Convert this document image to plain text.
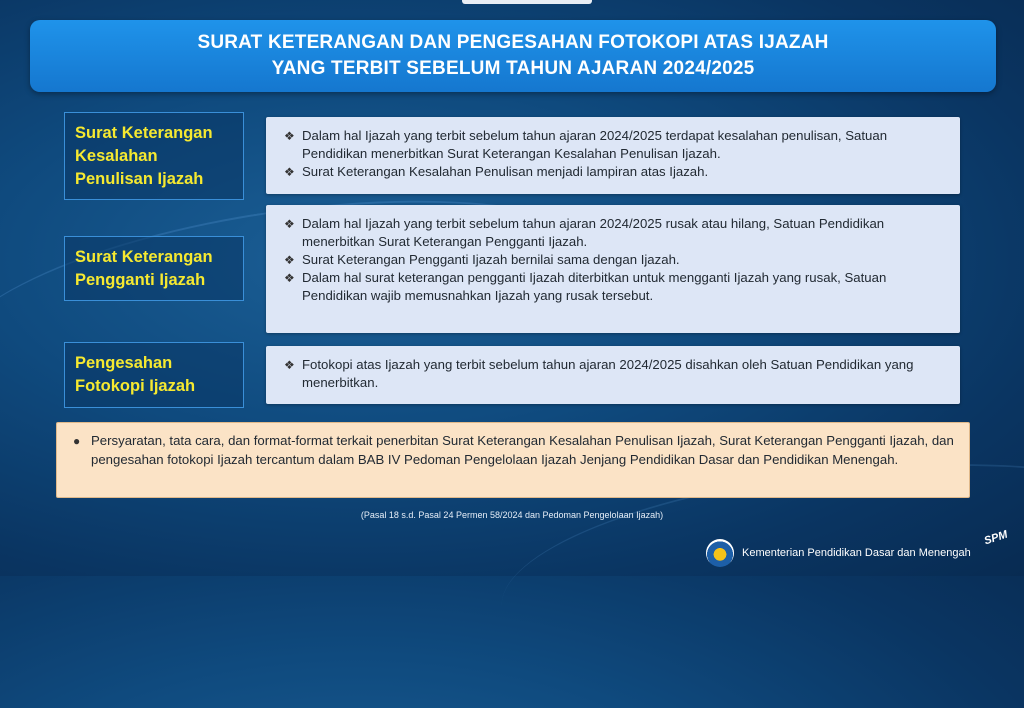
SURAT KETERANGAN DAN PENGESAHAN FOTOKOPI ATAS IJAZAH
YANG TERBIT SEBELUM TAHUN AJARAN 2024/2025
Surat Keterangan
Kesalahan
Penulisan Ijazah
❖ Dalam hal Ijazah yang terbit sebelum tahun ajaran 2024/2025 terdapat kesalahan penulisan, Satuan Pendidikan menerbitkan Surat Keterangan Kesalahan Penulisan Ijazah.
❖ Surat Keterangan Kesalahan Penulisan menjadi lampiran atas Ijazah.
Surat Keterangan
Pengganti Ijazah
❖ Dalam hal Ijazah yang terbit sebelum tahun ajaran 2024/2025 rusak atau hilang, Satuan Pendidikan menerbitkan Surat Keterangan Pengganti Ijazah.
❖ Surat Keterangan Pengganti Ijazah bernilai sama dengan Ijazah.
❖ Dalam hal surat keterangan pengganti Ijazah diterbitkan untuk mengganti Ijazah yang rusak, Satuan Pendidikan wajib memusnahkan Ijazah yang rusak tersebut.
Pengesahan
Fotokopi Ijazah
❖ Fotokopi atas Ijazah yang terbit sebelum tahun ajaran 2024/2025 disahkan oleh Satuan Pendidikan yang menerbitkan.
● Persyaratan, tata cara, dan format-format terkait penerbitan Surat Keterangan Kesalahan Penulisan Ijazah, Surat Keterangan Pengganti Ijazah, dan pengesahan fotokopi Ijazah tercantum dalam BAB IV Pedoman Pengelolaan Ijazah Jenjang Pendidikan Dasar dan Pendidikan Menengah.
(Pasal 18 s.d. Pasal 24 Permen 58/2024 dan Pedoman Pengelolaan Ijazah)
Kementerian Pendidikan Dasar dan Menengah
SPM
